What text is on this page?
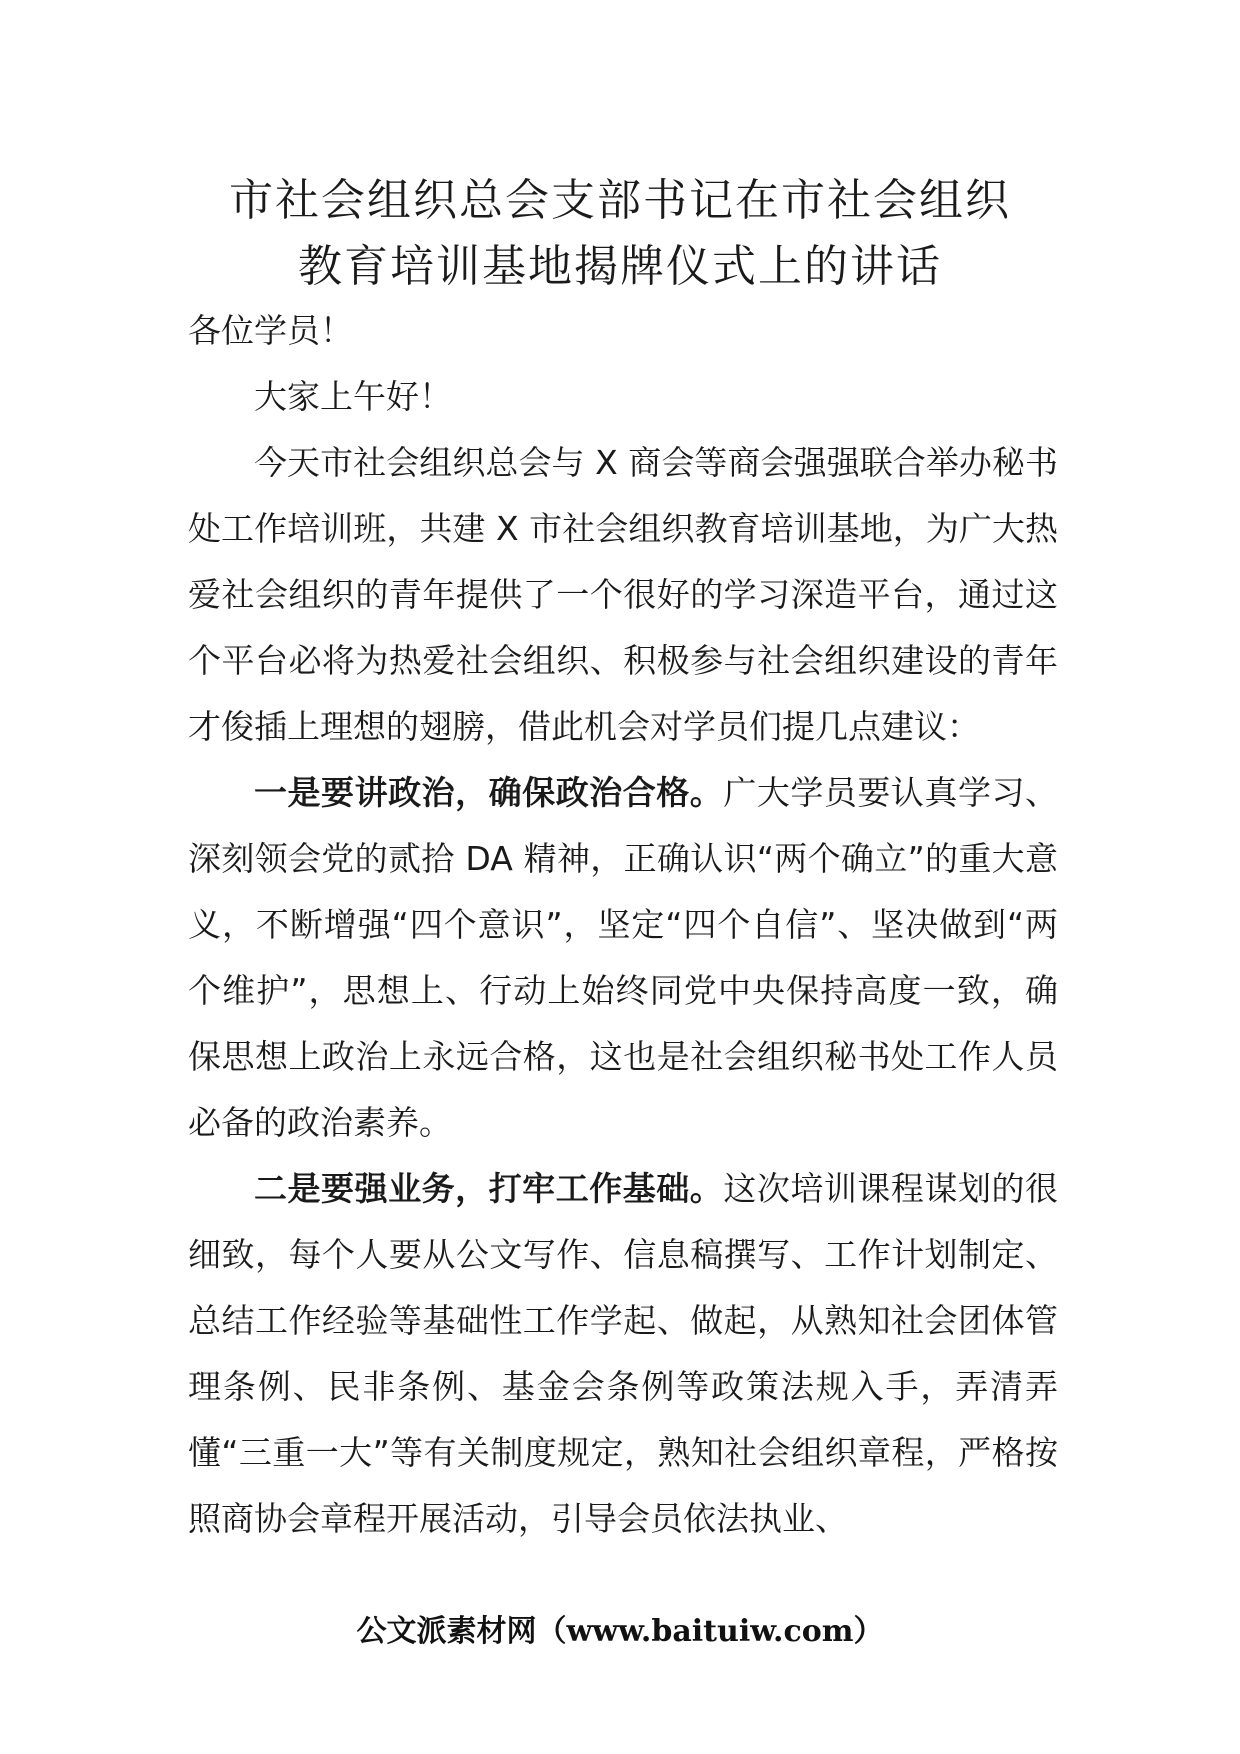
市社会组织总会支部书记在市社会组织
教育培训基地揭牌仪式上的讲话

各位学员！

大家上午好！

今天市社会组织总会与 X 商会等商会强强联合举办秘书处工作培训班，共建 X 市社会组织教育培训基地，为广大热爱社会组织的青年提供了一个很好的学习深造平台，通过这个平台必将为热爱社会组织、积极参与社会组织建设的青年才俊插上理想的翅膀，借此机会对学员们提几点建议：

一是要讲政治，确保政治合格。广大学员要认真学习、深刻领会党的贰拾 DA 精神，正确认识“两个确立”的重大意义，不断增强“四个意识”，坚定“四个自信”、坚决做到“两个维护”，思想上、行动上始终同党中央保持高度一致，确保思想上政治上永远合格，这也是社会组织秘书处工作人员必备的政治素养。

二是要强业务，打牢工作基础。这次培训课程谋划的很细致，每个人要从公文写作、信息稿撰写、工作计划制定、总结工作经验等基础性工作学起、做起，从熟知社会团体管理条例、民非条例、基金会条例等政策法规入手，弄清弄懂“三重一大”等有关制度规定，熟知社会组织章程，严格按照商协会章程开展活动，引导会员依法执业、

公文派素材网（www.baituiw.com）
